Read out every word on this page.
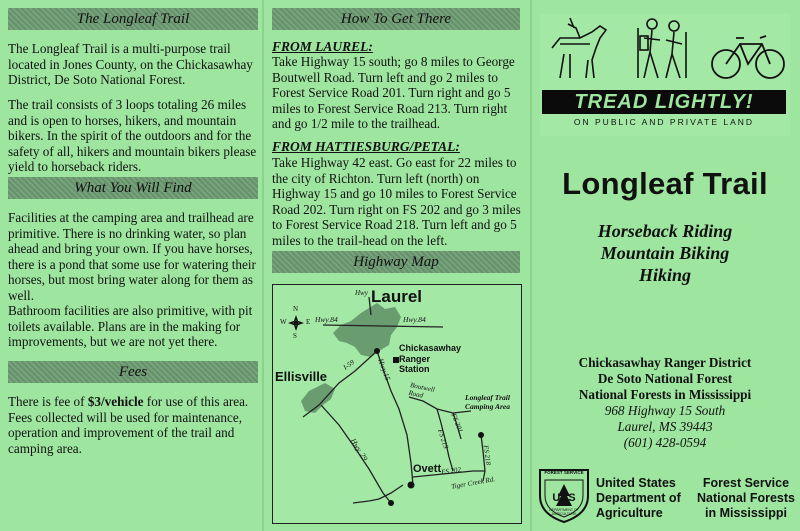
The Longleaf Trail

The Longleaf Trail is a multi-purpose trail located in Jones County, on the Chickasawhay District, De Soto National Forest.

The trail consists of 3 loops totaling 26 miles and is open to horses, hikers, and mountain bikers. In the spirit of the outdoors and for the safety of all, hikers and mountain bikers please yield to horseback riders.

What You Will Find

Facilities at the camping area and trailhead are primitive. There is no drinking water, so plan ahead and bring your own. If you have horses, there is a pond that some use for watering their horses, but most bring water along for them as well.

Bathroom facilities are also primitive, with pit toilets available. Plans are in the making for improvements, but we are not yet there.

Fees

There is fee of $3/vehicle for use of this area. Fees collected will be used for maintenance, operation and improvement of the trail and camping area.

How To Get There
FROM LAUREL:

Take Highway 15 south; go 8 miles to George Boutwell Road. Turn left and go 2 miles to Forest Service Road 201. Turn right and go 5 miles to Forest Service Road 213. Turn right and go 1/2 mile to the trailhead.

FROM HATTIESBURG/PETAL:

Take Highway 42 east. Go east for 22 miles to the city of Richton. Turn left (north) on Highway 15 and go 10 miles to Forest Service Road 202. Turn right on FS 202 and go 3 miles to Forest Service Road 218. Turn left and go 5 miles to the trail-head on the left.

Highway Map
N
E
S
W
Laurel
Hwy
Hwy.84	Hwy.84
Chickasawhay
Ranger
Station
Hwy.15
Ellisville
I-59
Hwy. 29
Boutwell Road
FS 201
FS 213
FS 218
FS 202
Tiger Creek Rd.
Longleaf Trail
Camping Area
Ovett
TREAD LIGHTLY!
ON PUBLIC AND PRIVATE LAND
Longleaf Trail
Horseback Riding
Mountain Biking
Hiking
Chickasawhay Ranger District
De Soto National Forest
National Forests in Mississippi
968 Highway 15 South
Laurel, MS 39443
(601) 428-0594
FOREST SERVICE
US
DEPARTMENT OF AGRICULTURE
United States
Department of
Agriculture
Forest Service
National Forests
in Mississippi
